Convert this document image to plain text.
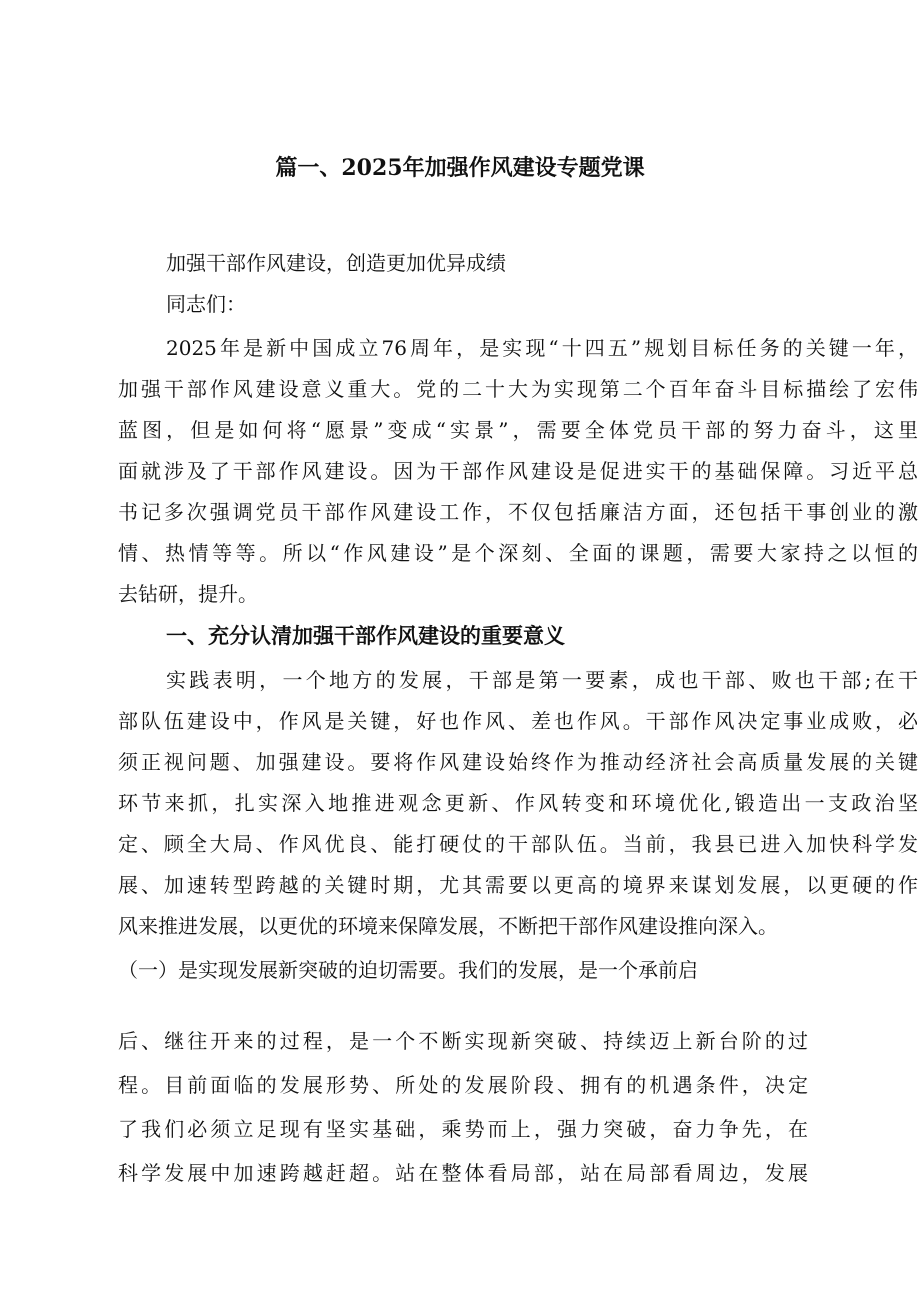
篇一、2025年加强作风建设专题党课
加强干部作风建设，创造更加优异成绩
同志们：
2025年是新中国成立76周年，是实现“十四五”规划目标任务的关键一年，
加强干部作风建设意义重大。党的二十大为实现第二个百年奋斗目标描绘了宏伟
蓝图，但是如何将“愿景”变成“实景”，需要全体党员干部的努力奋斗，这里
面就涉及了干部作风建设。因为干部作风建设是促进实干的基础保障。习近平总
书记多次强调党员干部作风建设工作，不仅包括廉洁方面，还包括干事创业的激
情、热情等等。所以“作风建设”是个深刻、全面的课题，需要大家持之以恒的
去钻研，提升。
一、充分认清加强干部作风建设的重要意义
实践表明，一个地方的发展，干部是第一要素，成也干部、败也干部;在干
部队伍建设中，作风是关键，好也作风、差也作风。干部作风决定事业成败，必
须正视问题、加强建设。要将作风建设始终作为推动经济社会高质量发展的关键
环节来抓，扎实深入地推进观念更新、作风转变和环境优化,锻造出一支政治坚
定、顾全大局、作风优良、能打硬仗的干部队伍。当前，我县已进入加快科学发
展、加速转型跨越的关键时期，尤其需要以更高的境界来谋划发展，以更硬的作
风来推进发展，以更优的环境来保障发展，不断把干部作风建设推向深入。
（一）是实现发展新突破的迫切需要。我们的发展，是一个承前启
后、继往开来的过程，是一个不断实现新突破、持续迈上新台阶的过
程。目前面临的发展形势、所处的发展阶段、拥有的机遇条件，决定
了我们必须立足现有坚实基础，乘势而上，强力突破，奋力争先，在
科学发展中加速跨越赶超。站在整体看局部，站在局部看周边，发展
